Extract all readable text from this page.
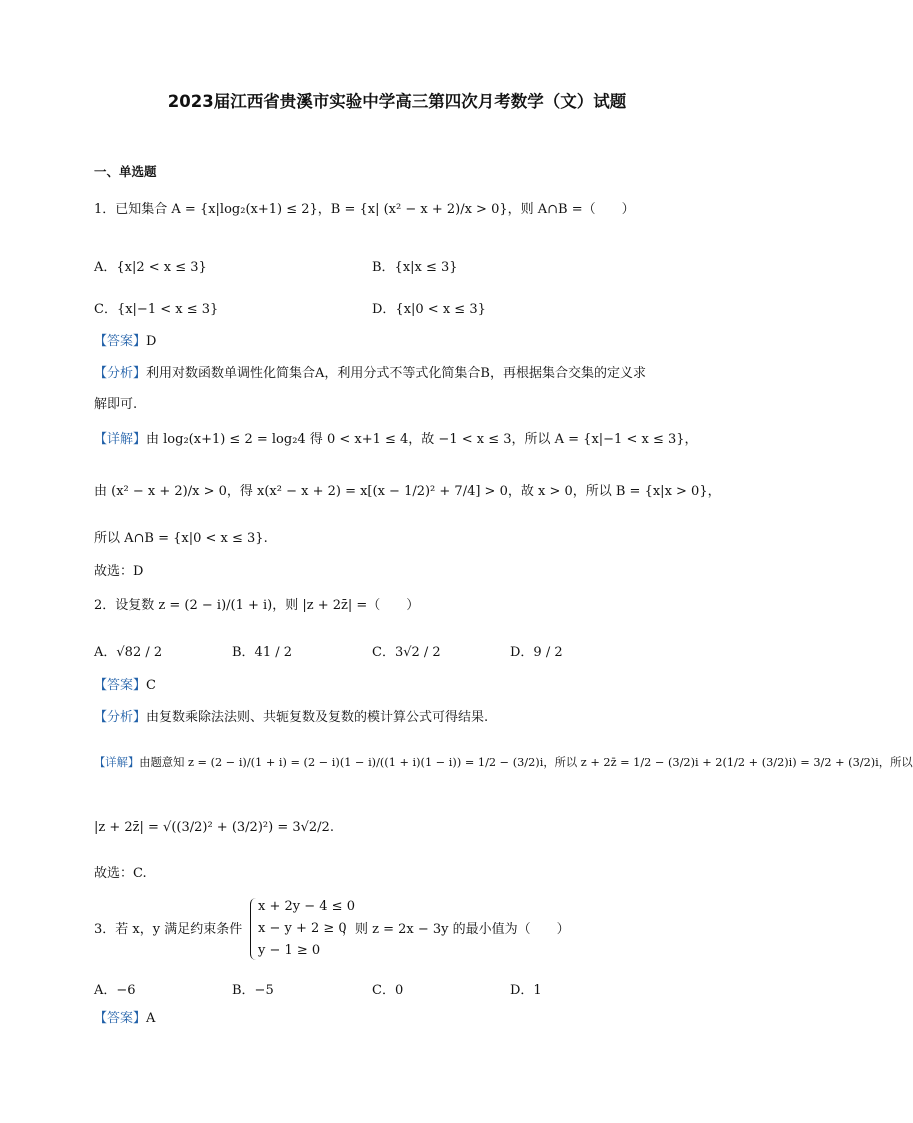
2023届江西省贵溪市实验中学高三第四次月考数学（文）试题
一、单选题
1．已知集合 A = {x|log₂(x+1) ≤ 2}，B = {x| (x² − x + 2)/x > 0}，则 A∩B =（　　）
A．{x|2 < x ≤ 3}	B．{x|x ≤ 3}
C．{x|−1 < x ≤ 3}	D．{x|0 < x ≤ 3}
【答案】D
【分析】利用对数函数单调性化简集合A，利用分式不等式化简集合B，再根据集合交集的定义求
解即可.
【详解】由 log₂(x+1) ≤ 2 = log₂4 得 0 < x+1 ≤ 4，故 −1 < x ≤ 3，所以 A = {x|−1 < x ≤ 3}，
由 (x² − x + 2)/x > 0，得 x(x² − x + 2) = x[(x − 1/2)² + 7/4] > 0，故 x > 0，所以 B = {x|x > 0}，
所以 A∩B = {x|0 < x ≤ 3}.
故选：D
2．设复数 z = (2 − i)/(1 + i)，则 |z + 2z̄| =（　　）
A．√82 / 2	B．41 / 2	C．3√2 / 2	D．9 / 2
【答案】C
【分析】由复数乘除法法则、共轭复数及复数的模计算公式可得结果.
【详解】由题意知 z = (2 − i)/(1 + i) = (2 − i)(1 − i)/((1 + i)(1 − i)) = 1/2 − (3/2)i，所以 z + 2z̄ = 1/2 − (3/2)i + 2(1/2 + (3/2)i) = 3/2 + (3/2)i，所以
|z + 2z̄| = √((3/2)² + (3/2)²) = 3√2/2.
故选：C.
3．若 x，y 满足约束条件
x + 2y − 4 ≤ 0
x − y + 2 ≥ 0
y − 1 ≥ 0
，则 z = 2x − 3y 的最小值为（　　）
A．−6	B．−5	C．0	D．1
【答案】A
